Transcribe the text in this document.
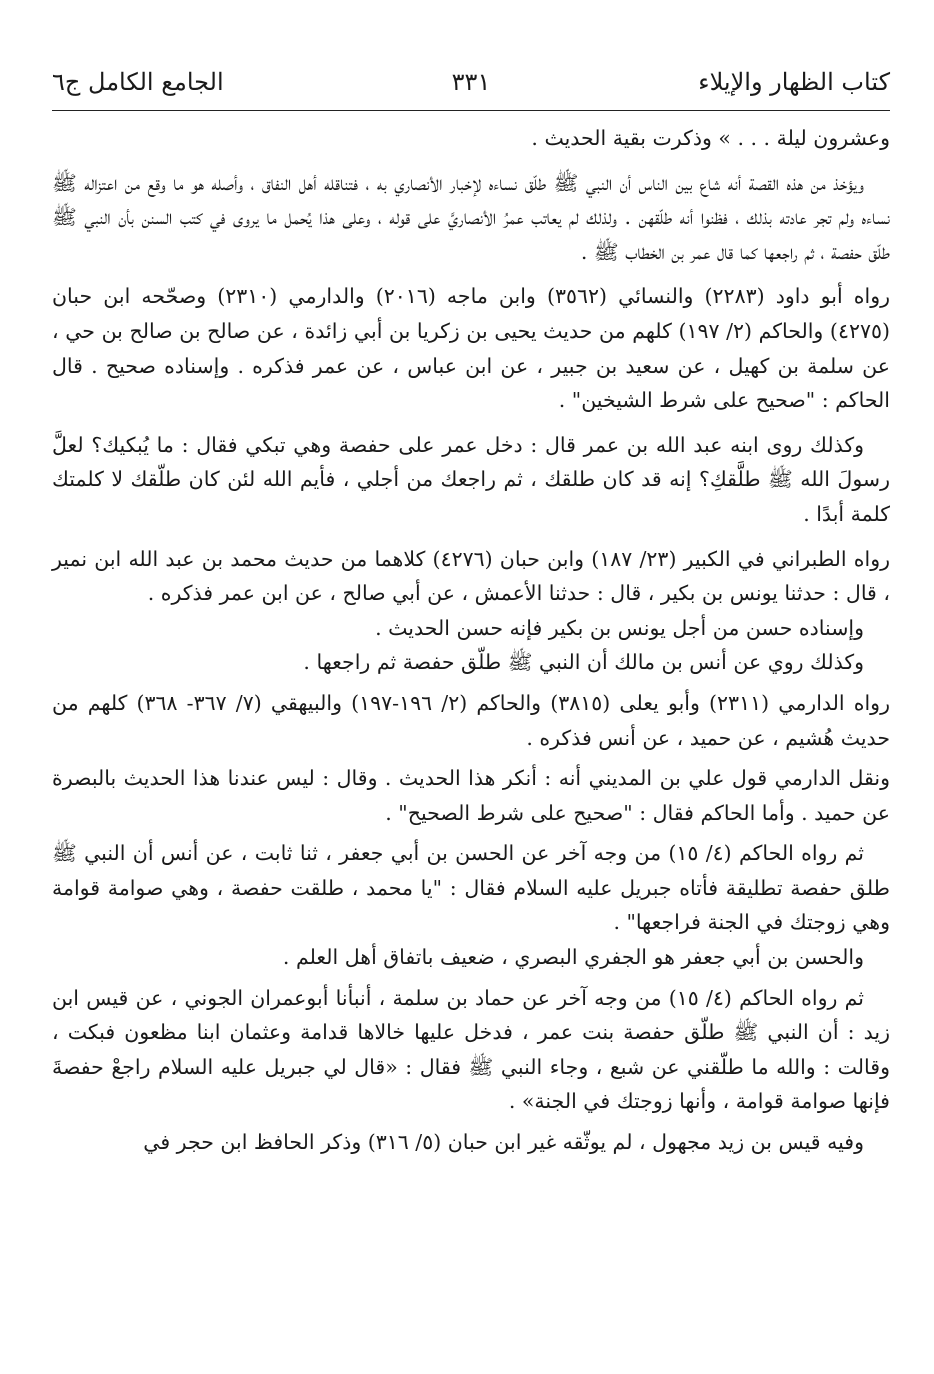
كتاب الظهار والإيلاء
٣٣١
الجامع الكامل ج٦

وعشرون ليلة . . . » وذكرت بقية الحديث .

ويؤخذ من هذه القصة أنه شاع بين الناس أن النبي ﷺ طلّق نساءه لإخبار الأنصاري به ، فتناقله أهل النفاق ، وأصله هو ما وقع من اعتزاله ﷺ نساءه ولم تجر عادته بذلك ، فظنوا أنه طلّقهن . ولذلك لم يعاتب عمرُ الأنصاريَّ على قوله ، وعلى هذا يُحمل ما يروى في كتب السنن بأن النبي ﷺ طلّق حفصة ، ثم راجعها كما قال عمر بن الخطاب ﷺ .

رواه أبو داود (٢٢٨٣) والنسائي (٣٥٦٢) وابن ماجه (٢٠١٦) والدارمي (٢٣١٠) وصحّحه ابن حبان (٤٢٧٥) والحاكم (٢/ ١٩٧) كلهم من حديث يحيى بن زكريا بن أبي زائدة ، عن صالح بن صالح بن حي ، عن سلمة بن كهيل ، عن سعيد بن جبير ، عن ابن عباس ، عن عمر فذكره . وإسناده صحيح . قال الحاكم : "صحيح على شرط الشيخين" .

وكذلك روى ابنه عبد الله بن عمر قال : دخل عمر على حفصة وهي تبكي فقال : ما يُبكيك؟ لعلَّ رسولَ الله ﷺ طلَّقكِ؟ إنه قد كان طلقك ، ثم راجعك من أجلي ، فأيم الله لئن كان طلّقك لا كلمتك كلمة أبدًا .

رواه الطبراني في الكبير (٢٣/ ١٨٧) وابن حبان (٤٢٧٦) كلاهما من حديث محمد بن عبد الله ابن نمير ، قال : حدثنا يونس بن بكير ، قال : حدثنا الأعمش ، عن أبي صالح ، عن ابن عمر فذكره .

وإسناده حسن من أجل يونس بن بكير فإنه حسن الحديث .

وكذلك روي عن أنس بن مالك أن النبي ﷺ طلّق حفصة ثم راجعها .

رواه الدارمي (٢٣١١) وأبو يعلى (٣٨١٥) والحاكم (٢/ ١٩٦-١٩٧) والبيهقي (٧/ ٣٦٧- ٣٦٨) كلهم من حديث هُشيم ، عن حميد ، عن أنس فذكره .

ونقل الدارمي قول علي بن المديني أنه : أنكر هذا الحديث . وقال : ليس عندنا هذا الحديث بالبصرة عن حميد . وأما الحاكم فقال : "صحيح على شرط الصحيح" .

ثم رواه الحاكم (٤/ ١٥) من وجه آخر عن الحسن بن أبي جعفر ، ثنا ثابت ، عن أنس أن النبي ﷺ طلق حفصة تطليقة فأتاه جبريل عليه السلام فقال : "يا محمد ، طلقت حفصة ، وهي صوامة قوامة وهي زوجتك في الجنة فراجعها" .

والحسن بن أبي جعفر هو الجفري البصري ، ضعيف باتفاق أهل العلم .

ثم رواه الحاكم (٤/ ١٥) من وجه آخر عن حماد بن سلمة ، أنبأنا أبوعمران الجوني ، عن قيس ابن زيد : أن النبي ﷺ طلّق حفصة بنت عمر ، فدخل عليها خالاها قدامة وعثمان ابنا مظعون فبكت ، وقالت : والله ما طلّقني عن شبع ، وجاء النبي ﷺ فقال : «قال لي جبريل عليه السلام راجعْ حفصةَ فإنها صوامة قوامة ، وأنها زوجتك في الجنة» .

وفيه قيس بن زيد مجهول ، لم يوثّقه غير ابن حبان (٥/ ٣١٦) وذكر الحافظ ابن حجر في
